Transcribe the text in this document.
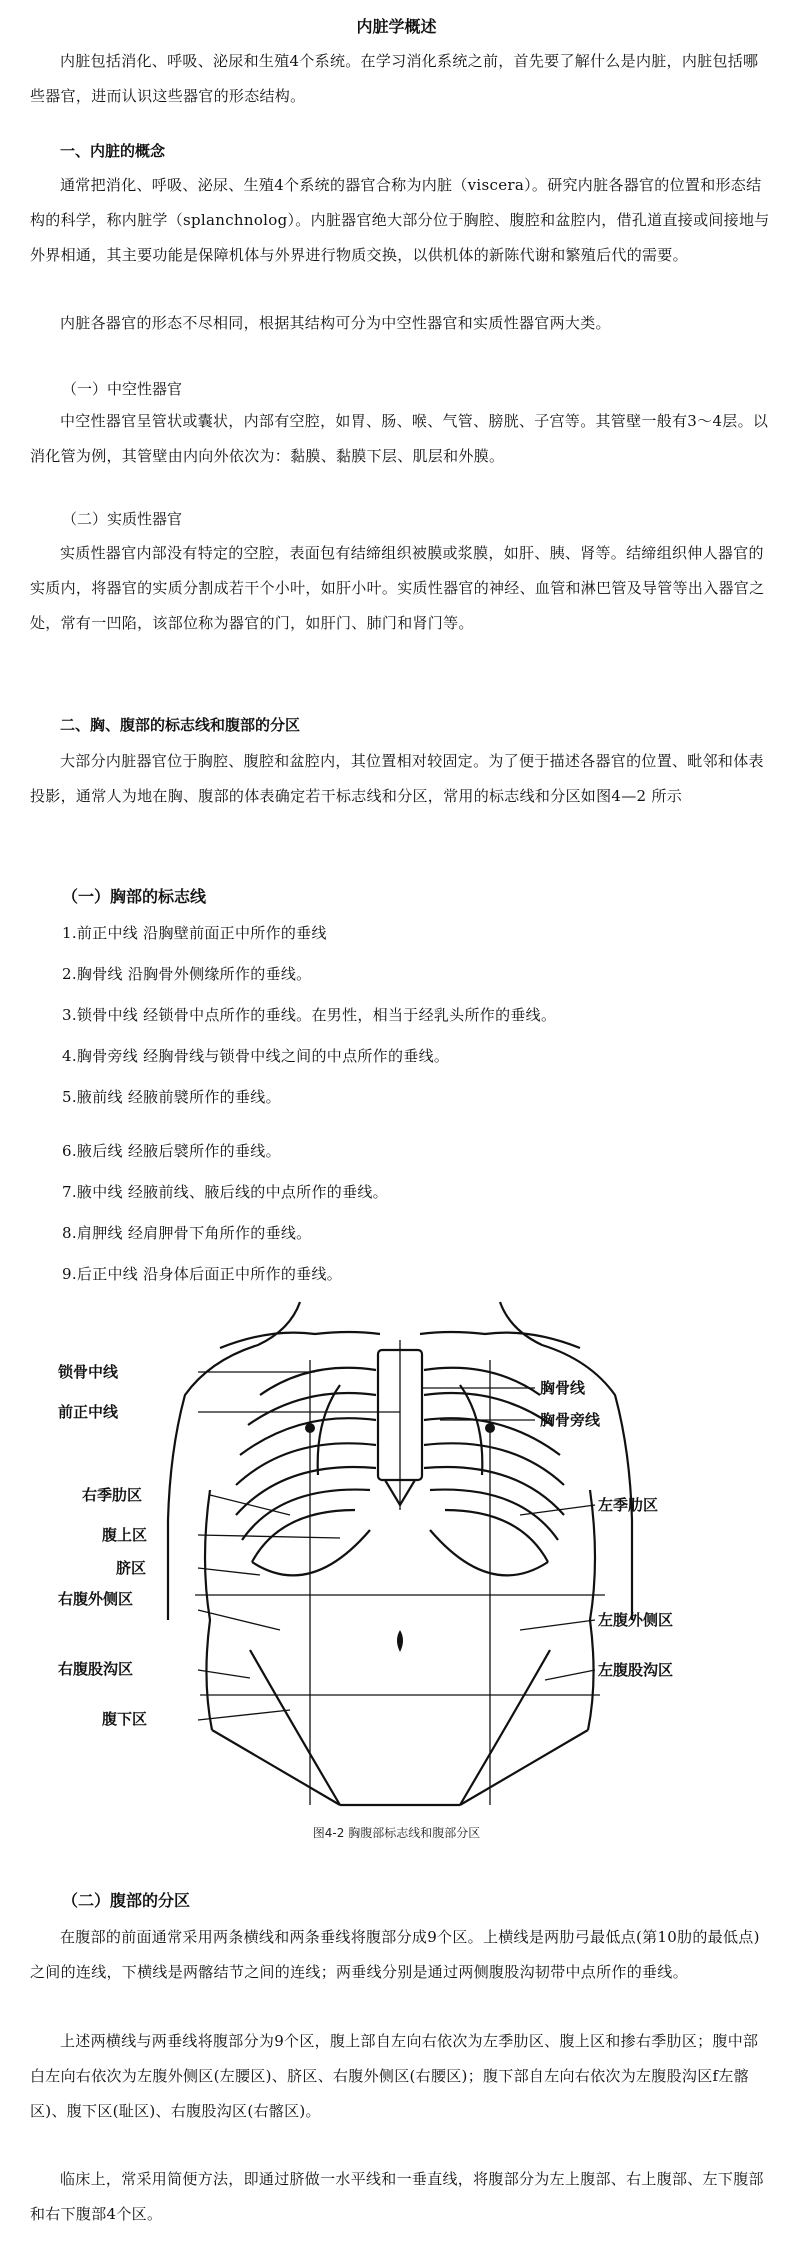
内脏学概述
内脏包括消化、呼吸、泌尿和生殖4个系统。在学习消化系统之前，首先要了解什么是内脏，内脏包括哪些器官，进而认识这些器官的形态结构。
一、内脏的概念
通常把消化、呼吸、泌尿、生殖4个系统的器官合称为内脏（viscera）。研究内脏各器官的位置和形态结构的科学，称内脏学（splanchnolog）。内脏器官绝大部分位于胸腔、腹腔和盆腔内，借孔道直接或间接地与外界相通，其主要功能是保障机体与外界进行物质交换，以供机体的新陈代谢和繁殖后代的需要。
内脏各器官的形态不尽相同，根据其结构可分为中空性器官和实质性器官两大类。
（一）中空性器官
中空性器官呈管状或囊状，内部有空腔，如胃、肠、喉、气管、膀胱、子宫等。其管壁一般有3～4层。以消化管为例，其管壁由内向外依次为：黏膜、黏膜下层、肌层和外膜。
（二）实质性器官
实质性器官内部没有特定的空腔，表面包有结缔组织被膜或浆膜，如肝、胰、肾等。结缔组织伸人器官的实质内，将器官的实质分割成若干个小叶，如肝小叶。实质性器官的神经、血管和淋巴管及导管等出入器官之处，常有一凹陷，该部位称为器官的门，如肝门、肺门和肾门等。
二、胸、腹部的标志线和腹部的分区
大部分内脏器官位于胸腔、腹腔和盆腔内，其位置相对较固定。为了便于描述各器官的位置、毗邻和体表投影，通常人为地在胸、腹部的体表确定若干标志线和分区，常用的标志线和分区如图4—2 所示
（一）胸部的标志线
1.前正中线 沿胸壁前面正中所作的垂线
2.胸骨线 沿胸骨外侧缘所作的垂线。
3.锁骨中线 经锁骨中点所作的垂线。在男性，相当于经乳头所作的垂线。
4.胸骨旁线 经胸骨线与锁骨中线之间的中点所作的垂线。
5.腋前线 经腋前襞所作的垂线。
6.腋后线 经腋后襞所作的垂线。
7.腋中线 经腋前线、腋后线的中点所作的垂线。
8.肩胛线 经肩胛骨下角所作的垂线。
9.后正中线 沿身体后面正中所作的垂线。
锁骨中线
前正中线
右季肋区
腹上区
脐区
右腹外侧区
右腹股沟区
腹下区
胸骨线
胸骨旁线
左季肋区
左腹外侧区
左腹股沟区
图4-2 胸腹部标志线和腹部分区
（二）腹部的分区
在腹部的前面通常采用两条横线和两条垂线将腹部分成9个区。上横线是两肋弓最低点(第10肋的最低点)之间的连线，下横线是两髂结节之间的连线；两垂线分别是通过两侧腹股沟韧带中点所作的垂线。
上述两横线与两垂线将腹部分为9个区，腹上部自左向右依次为左季肋区、腹上区和掺右季肋区；腹中部白左向右依次为左腹外侧区(左腰区)、脐区、右腹外侧区(右腰区)；腹下部自左向右依次为左腹股沟区f左髂区)、腹下区(耻区)、右腹股沟区(右髂区)。
临床上，常采用简便方法，即通过脐做一水平线和一垂直线，将腹部分为左上腹部、右上腹部、左下腹部和右下腹部4个区。
